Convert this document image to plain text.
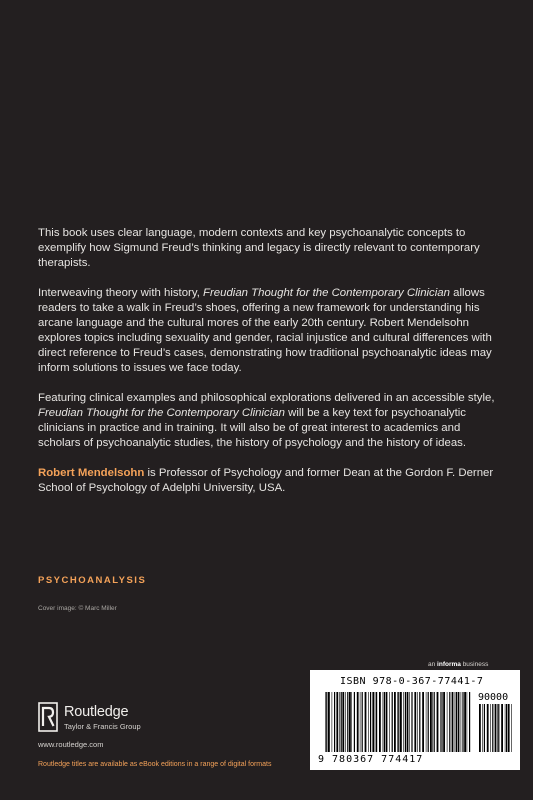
This book uses clear language, modern contexts and key psychoanalytic concepts to exemplify how Sigmund Freud’s thinking and legacy is directly relevant to contemporary therapists.

Interweaving theory with history, Freudian Thought for the Contemporary Clinician allows readers to take a walk in Freud’s shoes, offering a new framework for understanding his arcane language and the cultural mores of the early 20th century. Robert Mendelsohn explores topics including sexuality and gender, racial injustice and cultural differences with direct reference to Freud’s cases, demonstrating how traditional psychoanalytic ideas may inform solutions to issues we face today.

Featuring clinical examples and philosophical explorations delivered in an accessible style, Freudian Thought for the Contemporary Clinician will be a key text for psychoanalytic clinicians in practice and in training. It will also be of great interest to academics and scholars of psychoanalytic studies, the history of psychology and the history of ideas.

Robert Mendelsohn is Professor of Psychology and former Dean at the Gordon F. Derner School of Psychology of Adelphi University, USA.

PSYCHOANALYSIS
Cover image: © Marc Miller
an informa business
Routledge
Taylor & Francis Group
www.routledge.com
Routledge titles are available as eBook editions in a range of digital formats
ISBN 978-0-367-77441-7
90000
9 780367 774417
